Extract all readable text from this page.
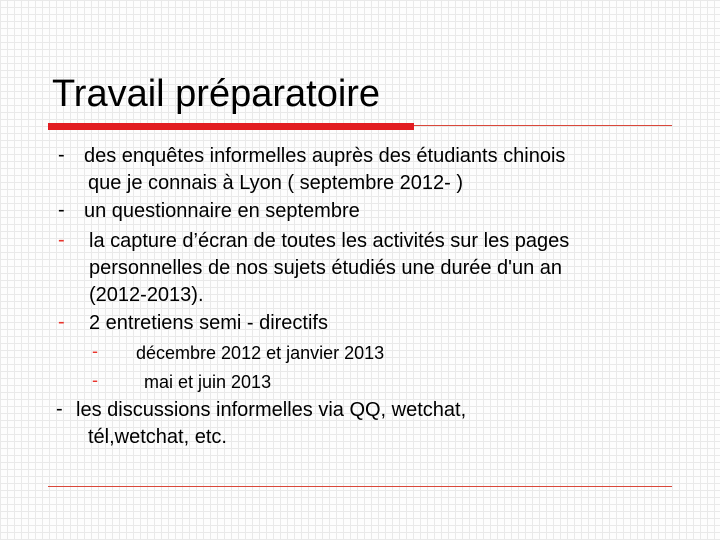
Travail préparatoire
- des enquêtes informelles auprès des étudiants chinois
que je connais à Lyon ( septembre 2012- )
- un questionnaire en septembre
- la capture d’écran de toutes les activités sur les pages
personnelles de nos sujets étudiés une durée d'un an
(2012-2013).
- 2 entretiens semi - directifs
- décembre 2012 et janvier 2013
-	mai et juin 2013
- les discussions informelles via QQ, wetchat,
tél,wetchat, etc.
